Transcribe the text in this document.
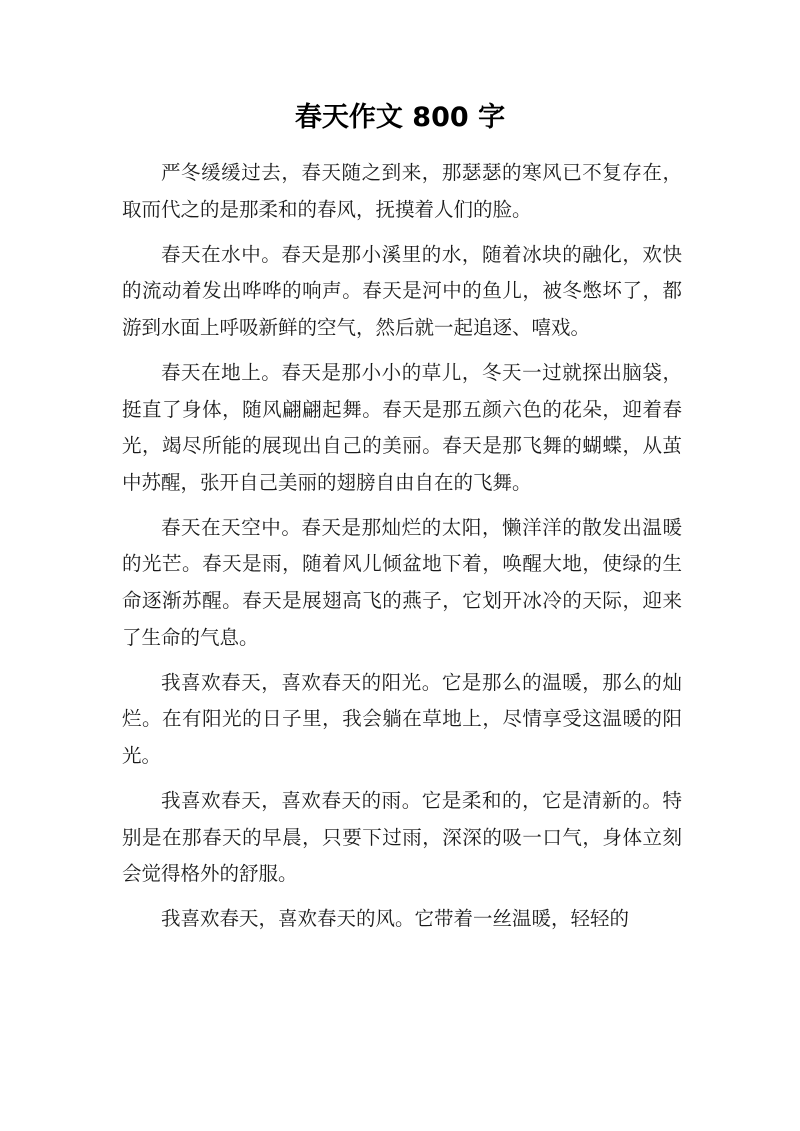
春天作文 800 字

严冬缓缓过去，春天随之到来，那瑟瑟的寒风已不复存在，取而代之的是那柔和的春风，抚摸着人们的脸。

春天在水中。春天是那小溪里的水，随着冰块的融化，欢快的流动着发出哗哗的响声。春天是河中的鱼儿，被冬憋坏了，都游到水面上呼吸新鲜的空气，然后就一起追逐、嘻戏。

春天在地上。春天是那小小的草儿，冬天一过就探出脑袋，挺直了身体，随风翩翩起舞。春天是那五颜六色的花朵，迎着春光，竭尽所能的展现出自己的美丽。春天是那飞舞的蝴蝶，从茧中苏醒，张开自己美丽的翅膀自由自在的飞舞。

春天在天空中。春天是那灿烂的太阳，懒洋洋的散发出温暖的光芒。春天是雨，随着风儿倾盆地下着，唤醒大地，使绿的生命逐渐苏醒。春天是展翅高飞的燕子，它划开冰冷的天际，迎来了生命的气息。

我喜欢春天，喜欢春天的阳光。它是那么的温暖，那么的灿烂。在有阳光的日子里，我会躺在草地上，尽情享受这温暖的阳光。

我喜欢春天，喜欢春天的雨。它是柔和的，它是清新的。特别是在那春天的早晨，只要下过雨，深深的吸一口气，身体立刻会觉得格外的舒服。

我喜欢春天，喜欢春天的风。它带着一丝温暖，轻轻的
